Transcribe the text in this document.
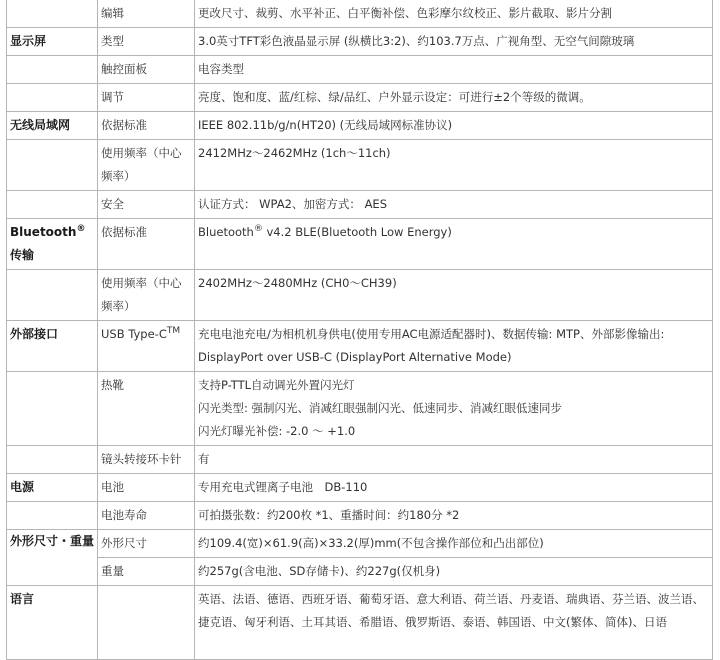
	编辑	更改尺寸、裁剪、水平补正、白平衡补偿、色彩摩尔纹校正、影片截取、影片分割
显示屏	类型	3.0英寸TFT彩色液晶显示屏 (纵横比3:2)、约103.7万点、广视角型、无空气间隙玻璃
	触控面板	电容类型
	调节	亮度、饱和度、蓝/红棕、绿/品红、户外显示设定：可进行±2个等级的微调。
无线局域网	依据标准	IEEE 802.11b/g/n(HT20) (无线局域网标准协议)
	使用频率（中心频率）	2412MHz～2462MHz (1ch～11ch)
	安全	认证方式： WPA2、加密方式： AES
Bluetooth®传输	依据标准	Bluetooth® v4.2 BLE(Bluetooth Low Energy)
	使用频率（中心频率）	2402MHz～2480MHz (CH0～CH39)
外部接口	USB Type-C™	充电电池充电/为相机机身供电(使用专用AC电源适配器时)、数据传输: MTP、外部影像输出: DisplayPort over USB-C (DisplayPort Alternative Mode)
	热靴	支持P-TTL自动调光外置闪光灯
闪光类型: 强制闪光、消减红眼强制闪光、低速同步、消减红眼低速同步
闪光灯曝光补偿: -2.0 ～ +1.0

	镜头转接环卡针	有
电源	电池	专用充电式锂离子电池　DB-110
	电池寿命	可拍摄张数：约200枚 *1、重播时间：约180分 *2
外形尺寸・重量	外形尺寸	约109.4(宽)×61.9(高)×33.2(厚)mm(不包含操作部位和凸出部位)
	重量	约257g(含电池、SD存储卡)、约227g(仅机身)
语言		英语、法语、德语、西班牙语、葡萄牙语、意大利语、荷兰语、丹麦语、瑞典语、芬兰语、波兰语、捷克语、匈牙利语、土耳其语、希腊语、俄罗斯语、泰语、韩国语、中文(繁体、简体)、日语
